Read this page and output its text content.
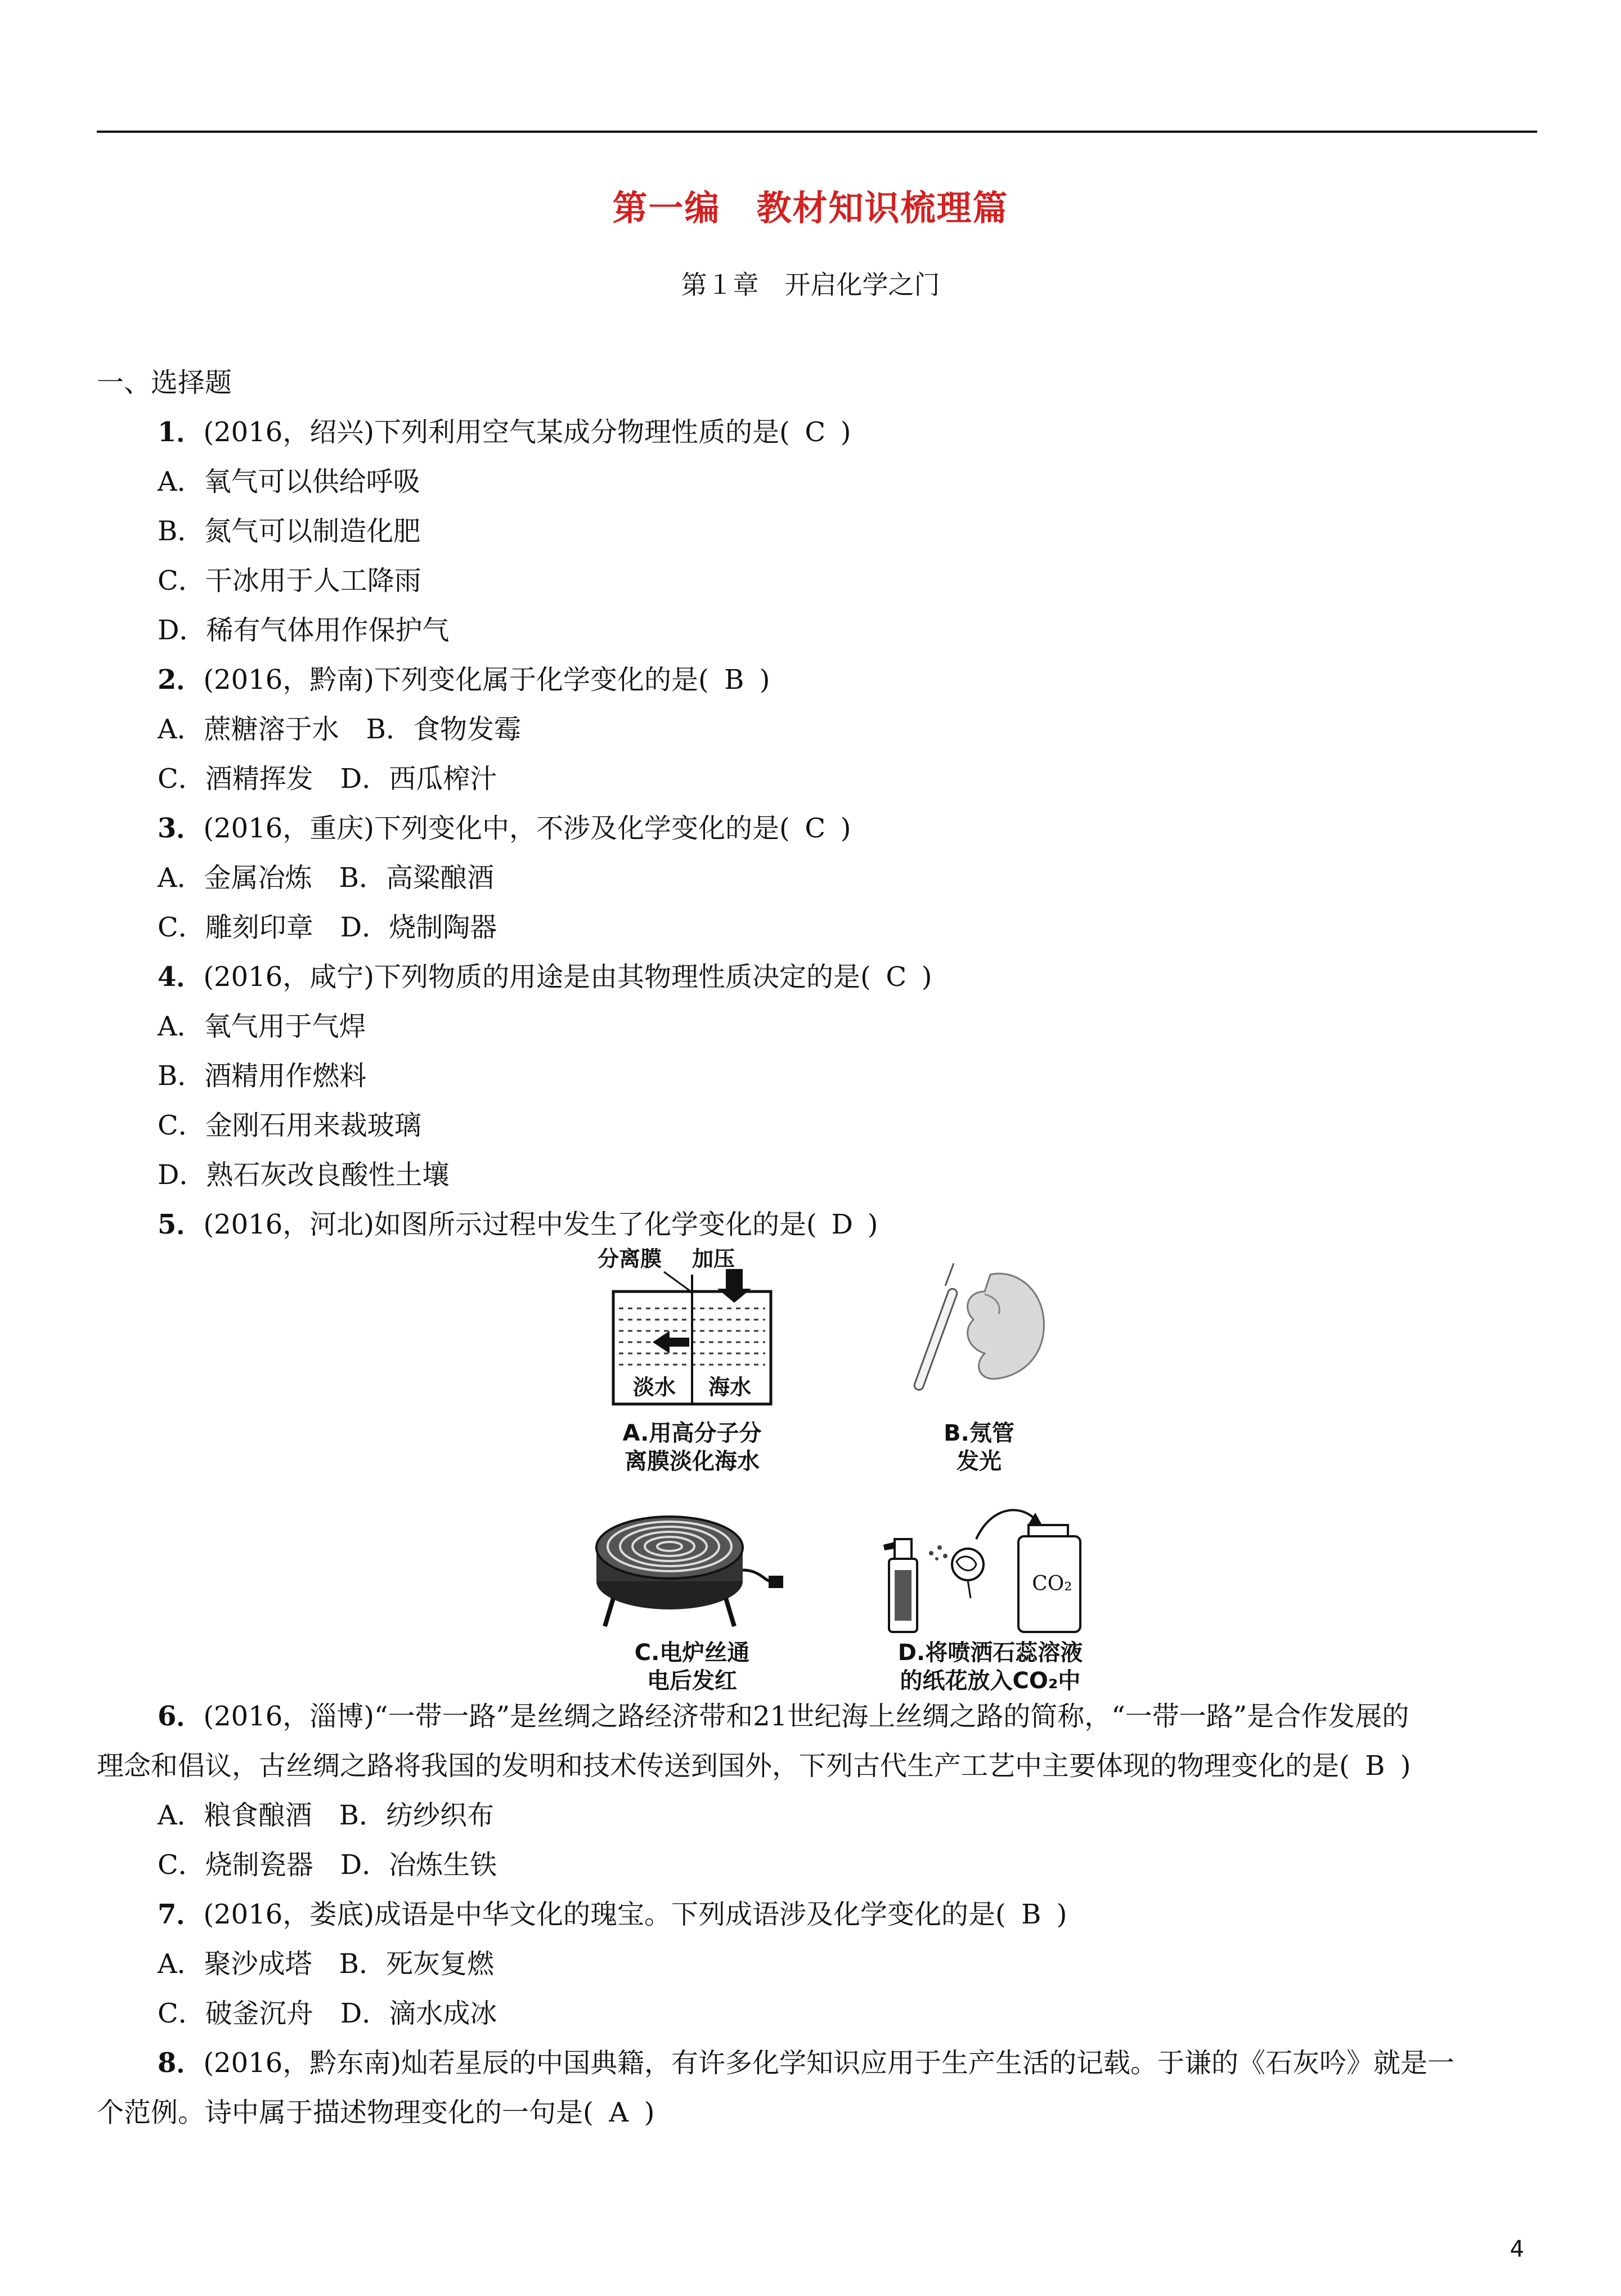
第一编　教材知识梳理篇
第１章　开启化学之门
一、选择题
1．(2016，绍兴)下列利用空气某成分物理性质的是( C )
A．氧气可以供给呼吸
B．氮气可以制造化肥
C．干冰用于人工降雨
D．稀有气体用作保护气
2．(2016，黔南)下列变化属于化学变化的是( B )
A．蔗糖溶于水　B．食物发霉
C．酒精挥发　D．西瓜榨汁
3．(2016，重庆)下列变化中，不涉及化学变化的是( C )
A．金属冶炼　B．高粱酿酒
C．雕刻印章　D．烧制陶器
4．(2016，咸宁)下列物质的用途是由其物理性质决定的是( C )
A．氧气用于气焊
B．酒精用作燃料
C．金刚石用来裁玻璃
D．熟石灰改良酸性土壤
5．(2016，河北)如图所示过程中发生了化学变化的是( D )
分离膜	加压
淡水	海水
A.用高分子分
离膜淡化海水
B.氖管
发光
C.电炉丝通
电后发红
CO₂
D.将喷洒石蕊溶液
的纸花放入CO₂中
6．(2016，淄博)“一带一路”是丝绸之路经济带和21世纪海上丝绸之路的简称，“一带一路”是合作发展的
理念和倡议，古丝绸之路将我国的发明和技术传送到国外，下列古代生产工艺中主要体现的物理变化的是( B )
A．粮食酿酒　B．纺纱织布
C．烧制瓷器　D．冶炼生铁
7．(2016，娄底)成语是中华文化的瑰宝。下列成语涉及化学变化的是( B )
A．聚沙成塔　B．死灰复燃
C．破釜沉舟　D．滴水成冰
8．(2016，黔东南)灿若星辰的中国典籍，有许多化学知识应用于生产生活的记载。于谦的《石灰吟》就是一
个范例。诗中属于描述物理变化的一句是( A )
4
